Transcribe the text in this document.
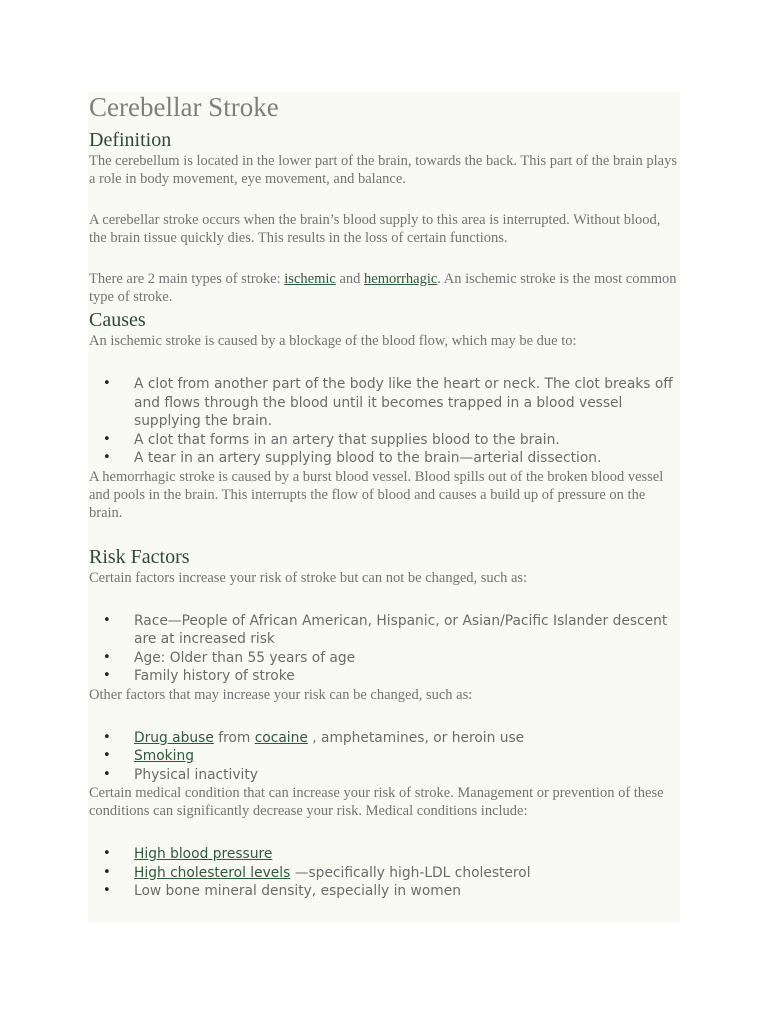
Cerebellar Stroke
Definition

The cerebellum is located in the lower part of the brain, towards the back. This part of the brain plays a role in body movement, eye movement, and balance.

A cerebellar stroke occurs when the brain’s blood supply to this area is interrupted. Without blood, the brain tissue quickly dies. This results in the loss of certain functions.

There are 2 main types of stroke: ischemic and hemorrhagic. An ischemic stroke is the most common type of stroke.

Causes

An ischemic stroke is caused by a blockage of the blood flow, which may be due to:

• A clot from another part of the body like the heart or neck. The clot breaks off and flows through the blood until it becomes trapped in a blood vessel supplying the brain.
• A clot that forms in an artery that supplies blood to the brain.
• A tear in an artery supplying blood to the brain—arterial dissection.

A hemorrhagic stroke is caused by a burst blood vessel. Blood spills out of the broken blood vessel and pools in the brain. This interrupts the flow of blood and causes a build up of pressure on the brain.

Risk Factors

Certain factors increase your risk of stroke but can not be changed, such as:

• Race—People of African American, Hispanic, or Asian/Pacific Islander descent are at increased risk
• Age: Older than 55 years of age
• Family history of stroke

Other factors that may increase your risk can be changed, such as:

• Drug abuse from cocaine , amphetamines, or heroin use
• Smoking
• Physical inactivity

Certain medical condition that can increase your risk of stroke. Management or prevention of these conditions can significantly decrease your risk. Medical conditions include:

• High blood pressure
• High cholesterol levels —specifically high-LDL cholesterol
• Low bone mineral density, especially in women
